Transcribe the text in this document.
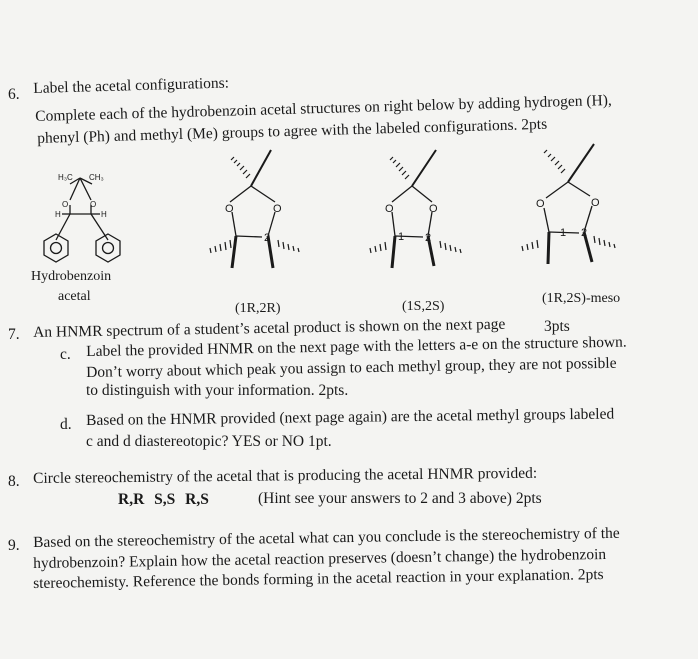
6. Label the acetal configurations:
Complete each of the hydrobenzoin acetal structures on right below by adding hydrogen (H),
phenyl (Ph) and methyl (Me) groups to agree with the labeled configurations. 2pts
H₃C CH₃
O	O
H	H	O	O
2
O	O
1 2
O	O
1 2
Hydrobenzoin
acetal
(1R,2R)	(1S,2S)
(1R,2S)-meso
7. An HNMR spectrum of a student’s acetal product is shown on the next page 3pts
c. Label the provided HNMR on the next page with the letters a-e on the structure shown.
Don’t worry about which peak you assign to each methyl group, they are not possible
to distinguish with your information. 2pts.
d. Based on the HNMR provided (next page again) are the acetal methyl groups labeled
c and d diastereotopic? YES or NO 1pt.
8. Circle stereochemistry of the acetal that is producing the acetal HNMR provided:
R,R S,S R,S	(Hint see your answers to 2 and 3 above) 2pts
9. Based on the stereochemistry of the acetal what can you conclude is the stereochemistry of the
hydrobenzoin? Explain how the acetal reaction preserves (doesn’t change) the hydrobenzoin
stereochemisty. Reference the bonds forming in the acetal reaction in your explanation. 2pts
